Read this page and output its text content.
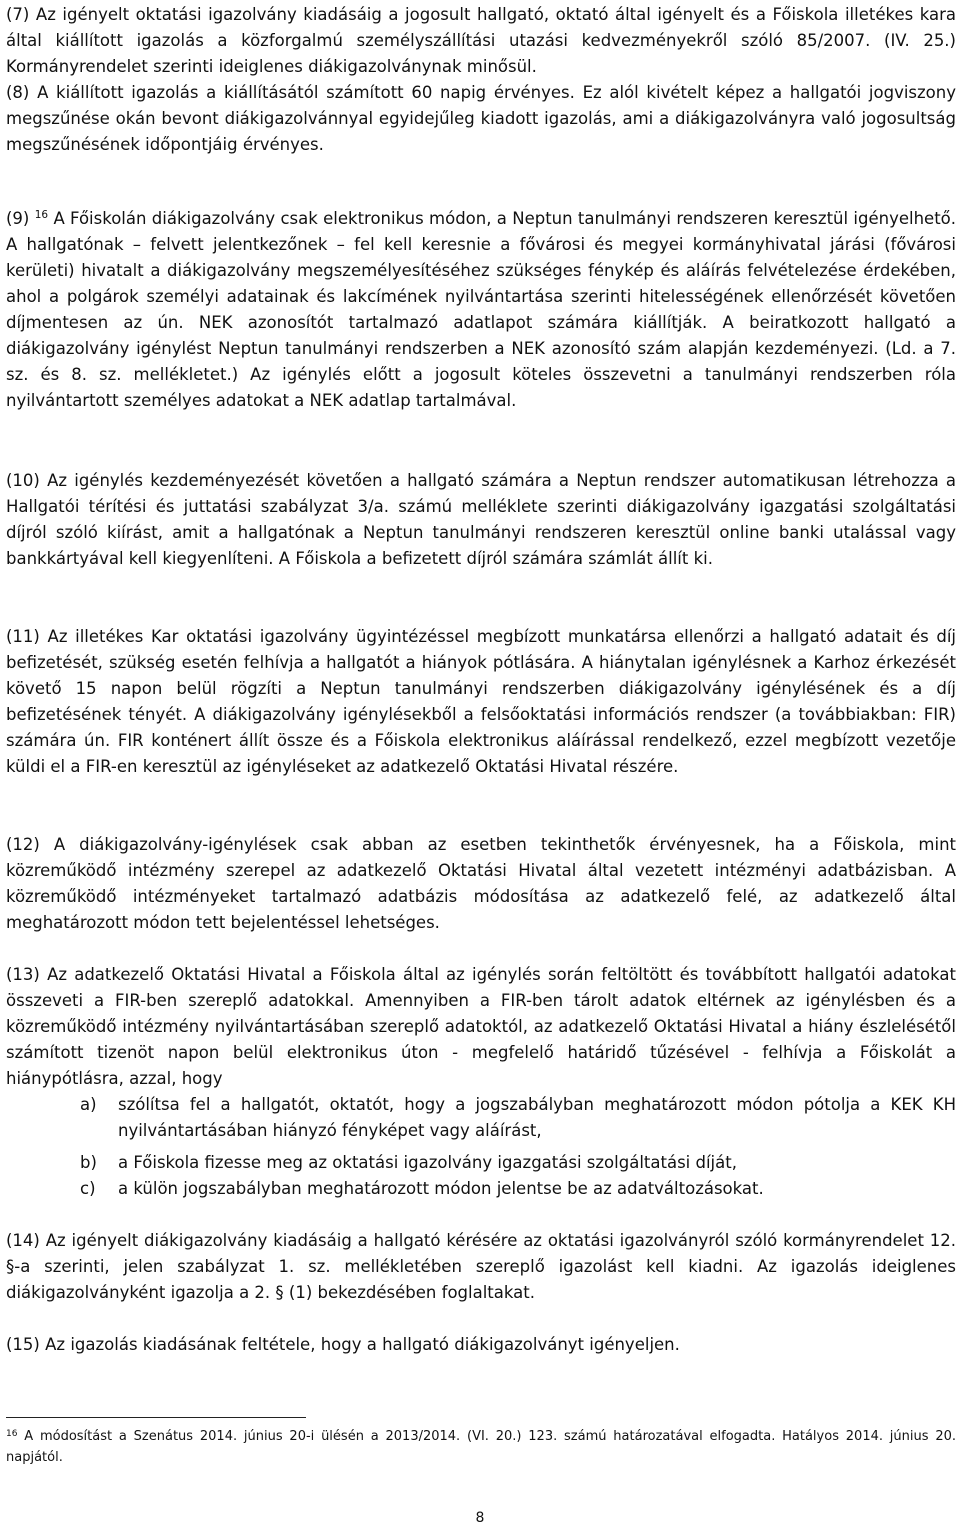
(7) Az igényelt oktatási igazolvány kiadásáig a jogosult hallgató, oktató által igényelt és a Főiskola illetékes kara által kiállított igazolás a közforgalmú személyszállítási utazási kedvezményekről szóló 85/2007. (IV. 25.) Kormányrendelet szerinti ideiglenes diákigazolványnak minősül.
(8) A kiállított igazolás a kiállításától számított 60 napig érvényes. Ez alól kivételt képez a hallgatói jogviszony megszűnése okán bevont diákigazolvánnyal egyidejűleg kiadott igazolás, ami a diákigazolványra való jogosultság megszűnésének időpontjáig érvényes.
(9) $^{16}$ A Főiskolán diákigazolvány csak elektronikus módon, a Neptun tanulmányi rendszeren keresztül igényelhető. A hallgatónak – felvett jelentkezőnek – fel kell keresnie a fővárosi és megyei kormányhivatal járási (fővárosi kerületi) hivatalt a diákigazolvány megszemélyesítéséhez szükséges fénykép és aláírás felvételezése érdekében, ahol a polgárok személyi adatainak és lakcímének nyilvántartása szerinti hitelességének ellenőrzését követően díjmentesen az ún. NEK azonosítót tartalmazó adatlapot számára kiállítják. A beiratkozott hallgató a diákigazolvány igénylést Neptun tanulmányi rendszerben a NEK azonosító szám alapján kezdeményezi. (Ld. a 7. sz. és 8. sz. mellékletet.) Az igénylés előtt a jogosult köteles összevetni a tanulmányi rendszerben róla nyilvántartott személyes adatokat a NEK adatlap tartalmával.
(10) Az igénylés kezdeményezését követően a hallgató számára a Neptun rendszer automatikusan létrehozza a Hallgatói térítési és juttatási szabályzat 3/a. számú melléklete szerinti diákigazolvány igazgatási szolgáltatási díjról szóló kiírást, amit a hallgatónak a Neptun tanulmányi rendszeren keresztül online banki utalással vagy bankkártyával kell kiegyenlíteni. A Főiskola a befizetett díjról számára számlát állít ki.
(11) Az illetékes Kar oktatási igazolvány ügyintézéssel megbízott munkatársa ellenőrzi a hallgató adatait és díj befizetését, szükség esetén felhívja a hallgatót a hiányok pótlására. A hiánytalan igénylésnek a Karhoz érkezését követő 15 napon belül rögzíti a Neptun tanulmányi rendszerben diákigazolvány igénylésének és a díj befizetésének tényét. A diákigazolvány igénylésekből a felsőoktatási információs rendszer (a továbbiakban: FIR) számára ún. FIR konténert állít össze és a Főiskola elektronikus aláírással rendelkező, ezzel megbízott vezetője küldi el a FIR-en keresztül az igényléseket az adatkezelő Oktatási Hivatal részére.
(12) A diákigazolvány-igénylések csak abban az esetben tekinthetők érvényesnek, ha a Főiskola, mint közreműködő intézmény szerepel az adatkezelő Oktatási Hivatal által vezetett intézményi adatbázisban. A közreműködő intézményeket tartalmazó adatbázis módosítása az adatkezelő felé, az adatkezelő által meghatározott módon tett bejelentéssel lehetséges.
(13) Az adatkezelő Oktatási Hivatal a Főiskola által az igénylés során feltöltött és továbbított hallgatói adatokat összeveti a FIR-ben szereplő adatokkal. Amennyiben a FIR-ben tárolt adatok eltérnek az igénylésben és a közreműködő intézmény nyilvántartásában szereplő adatoktól, az adatkezelő Oktatási Hivatal a hiány észlelésétől számított tizenöt napon belül elektronikus úton - megfelelő határidő tűzésével - felhívja a Főiskolát a hiánypótlásra, azzal, hogy
a) szólítsa fel a hallgatót, oktatót, hogy a jogszabályban meghatározott módon pótolja a KEK KH nyilvántartásában hiányzó fényképet vagy aláírást,
b) a Főiskola fizesse meg az oktatási igazolvány igazgatási szolgáltatási díját,
c) a külön jogszabályban meghatározott módon jelentse be az adatváltozásokat.
(14) Az igényelt diákigazolvány kiadásáig a hallgató kérésére az oktatási igazolványról szóló kormányrendelet 12. §-a szerinti, jelen szabályzat 1. sz. mellékletében szereplő igazolást kell kiadni. Az igazolás ideiglenes diákigazolványként igazolja a 2. § (1) bekezdésében foglaltakat.
(15) Az igazolás kiadásának feltétele, hogy a hallgató diákigazolványt igényeljen.
$^{16}$ A módosítást a Szenátus 2014. június 20-i ülésén a 2013/2014. (VI. 20.) 123. számú határozatával elfogadta. Hatályos 2014. június 20. napjától.
8
